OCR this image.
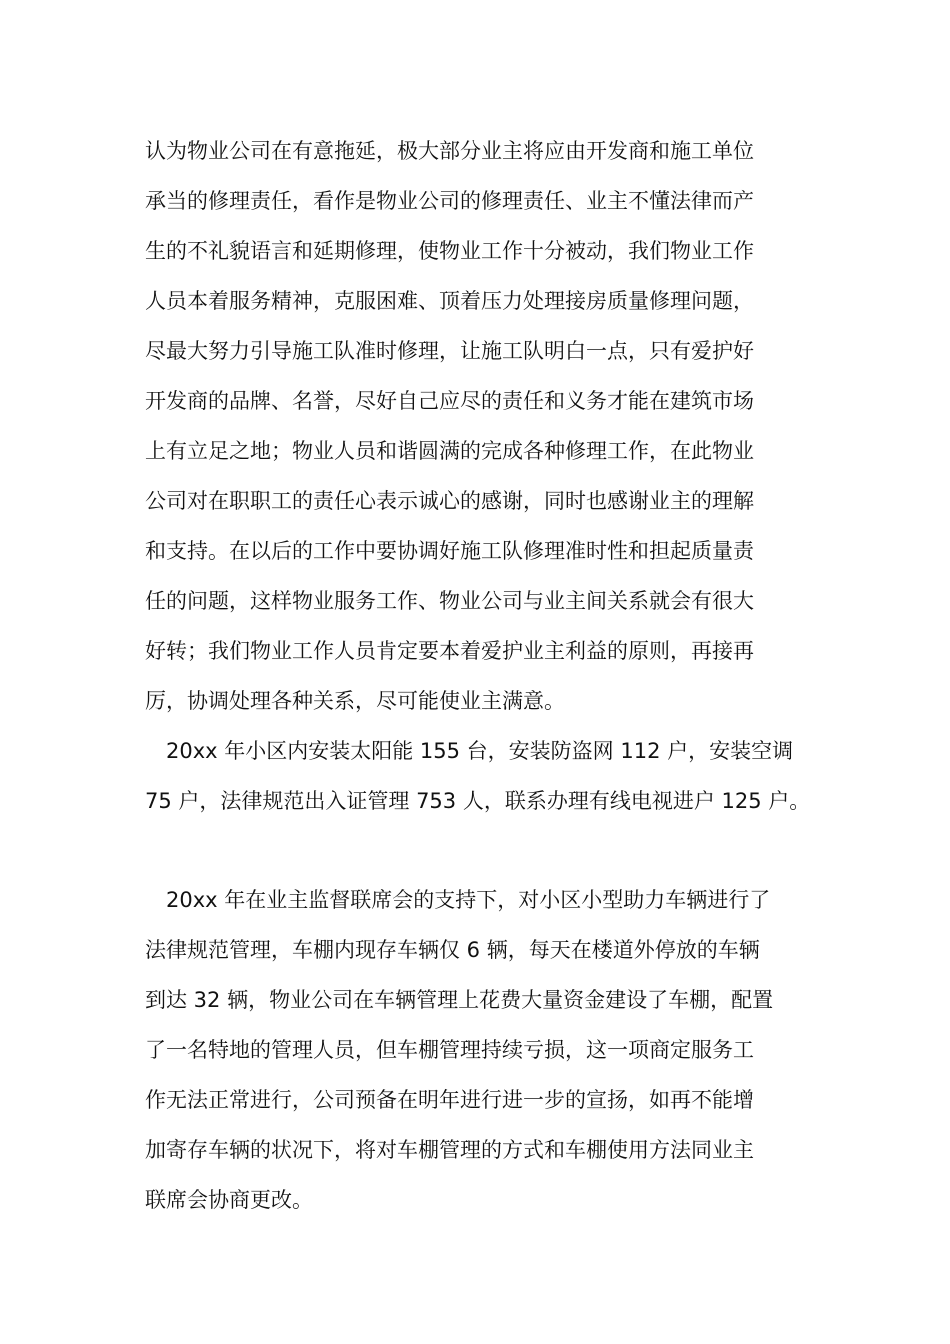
认为物业公司在有意拖延，极大部分业主将应由开发商和施工单位
承当的修理责任，看作是物业公司的修理责任、业主不懂法律而产
生的不礼貌语言和延期修理，使物业工作十分被动，我们物业工作
人员本着服务精神，克服困难、顶着压力处理接房质量修理问题，
尽最大努力引导施工队准时修理，让施工队明白一点，只有爱护好
开发商的品牌、名誉，尽好自己应尽的责任和义务才能在建筑市场
上有立足之地；物业人员和谐圆满的完成各种修理工作，在此物业
公司对在职职工的责任心表示诚心的感谢，同时也感谢业主的理解
和支持。在以后的工作中要协调好施工队修理准时性和担起质量责
任的问题，这样物业服务工作、物业公司与业主间关系就会有很大
好转；我们物业工作人员肯定要本着爱护业主利益的原则，再接再
厉，协调处理各种关系，尽可能使业主满意。
20xx 年小区内安装太阳能 155 台，安装防盗网 112 户，安装空调
75 户，法律规范出入证管理 753 人，联系办理有线电视进户 125 户。
20xx 年在业主监督联席会的支持下，对小区小型助力车辆进行了
法律规范管理，车棚内现存车辆仅 6 辆，每天在楼道外停放的车辆
到达 32 辆，物业公司在车辆管理上花费大量资金建设了车棚，配置
了一名特地的管理人员，但车棚管理持续亏损，这一项商定服务工
作无法正常进行，公司预备在明年进行进一步的宣扬，如再不能增
加寄存车辆的状况下，将对车棚管理的方式和车棚使用方法同业主
联席会协商更改。
